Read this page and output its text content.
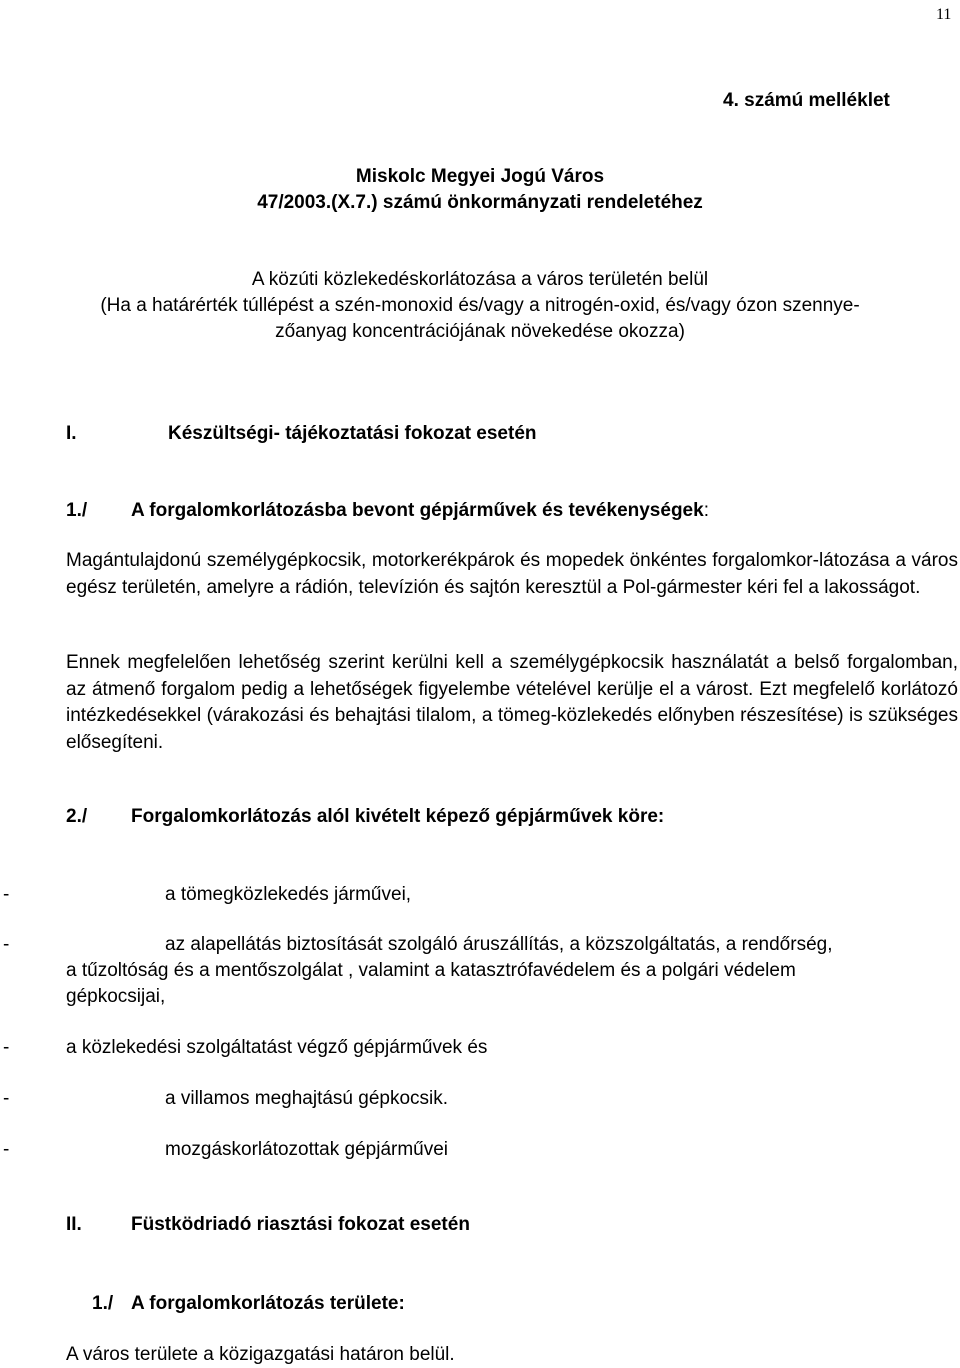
11
4. számú melléklet
Miskolc Megyei Jogú Város
47/2003.(X.7.) számú önkormányzati rendeletéhez
A közúti közlekedéskorlátozása a város területén belül
(Ha a határérték túllépést a szén-monoxid és/vagy a nitrogén-oxid, és/vagy ózon szennye-
zőanyag koncentrációjának növekedése okozza)
I.	Készültségi- tájékoztatási fokozat esetén
1./ A forgalomkorlátozásba bevont gépjárművek és tevékenységek:

Magántulajdonú személygépkocsik, motorkerékpárok és mopedek önkéntes forgalomkor-látozása a város egész területén, amelyre a rádión, televízión és sajtón keresztül a Pol-gármester kéri fel a lakosságot.

Ennek megfelelően lehetőség szerint kerülni kell a személygépkocsik használatát a belső forgalomban, az átmenő forgalom pedig a lehetőségek figyelembe vételével kerülje el a várost. Ezt megfelelő korlátozó intézkedésekkel (várakozási és behajtási tilalom, a tömeg-közlekedés előnyben részesítése) is szükséges elősegíteni.

2./ Forgalomkorlátozás alól kivételt képező gépjárművek köre:
-	a tömegközlekedés járművei,
-	az alapellátás biztosítását szolgáló áruszállítás, a közszolgáltatás, a rendőrség,
a tűzoltóság és a mentőszolgálat , valamint a katasztrófavédelem és a polgári védelem
gépkocsijai,
-	a közlekedési szolgáltatást végző gépjárművek és
-	a villamos meghajtású gépkocsik.
-	mozgáskorlátozottak gépjárművei
II.	Füstködriadó riasztási fokozat esetén
1./ A forgalomkorlátozás területe:
A város területe a közigazgatási határon belül.
